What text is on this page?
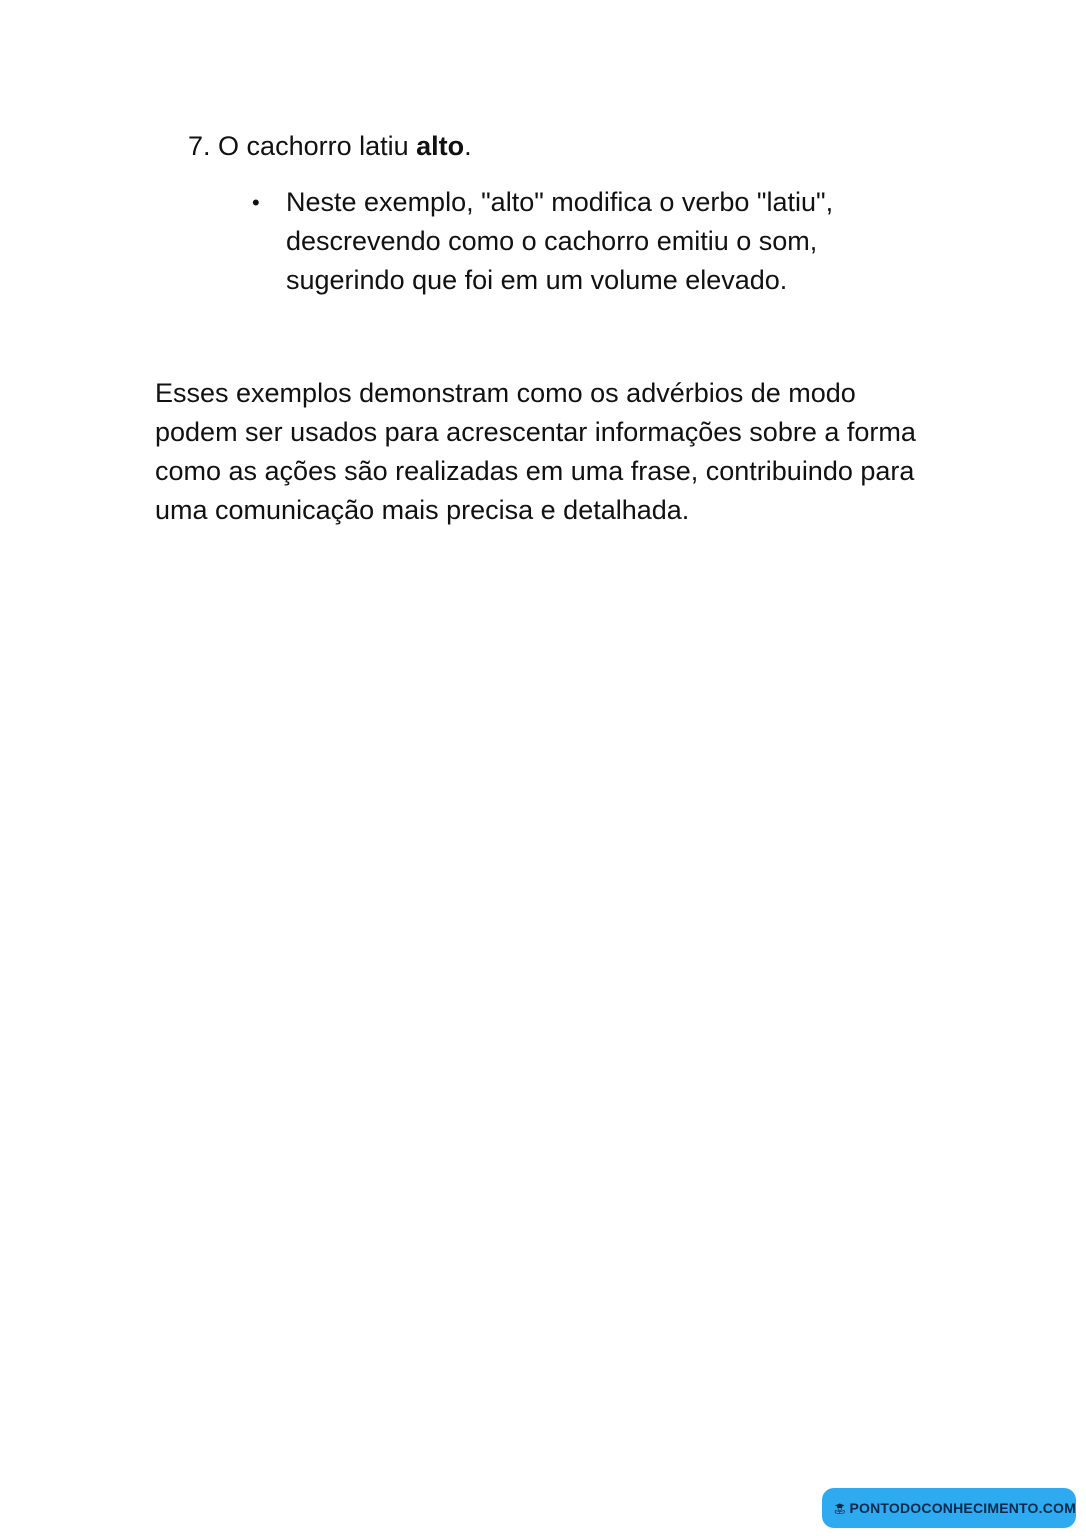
7. O cachorro latiu alto.
• Neste exemplo, "alto" modifica o verbo "latiu", descrevendo como o cachorro emitiu o som, sugerindo que foi em um volume elevado.
Esses exemplos demonstram como os advérbios de modo podem ser usados para acrescentar informações sobre a forma como as ações são realizadas em uma frase, contribuindo para uma comunicação mais precisa e detalhada.
PONTODOCONHECIMENTO.COM
